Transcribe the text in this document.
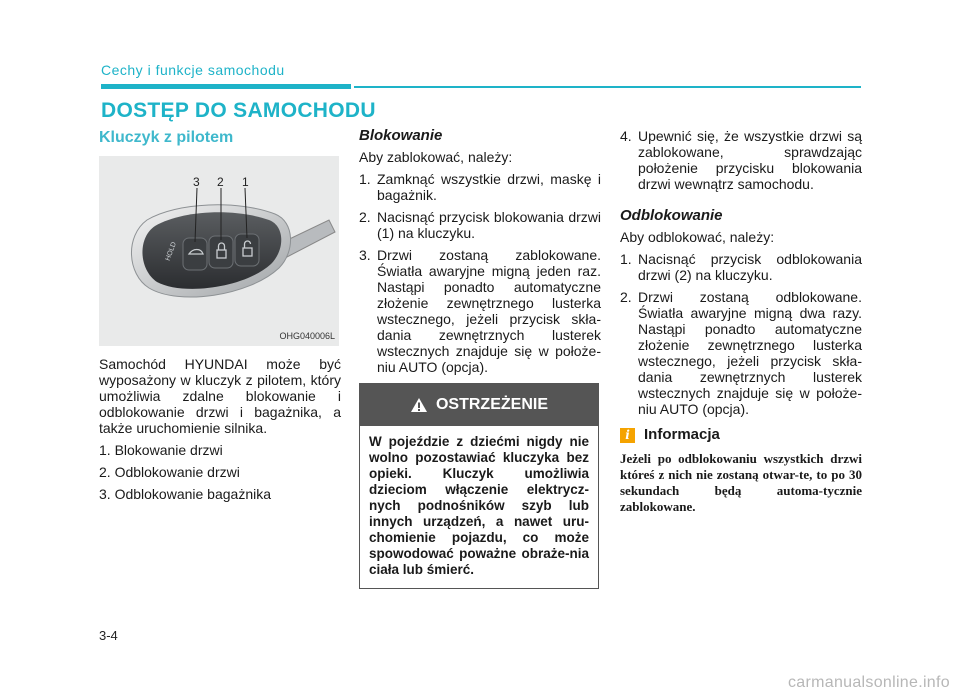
Cechy i funkcje samochodu
DOSTĘP DO SAMOCHODU
Kluczyk z pilotem
HOLD
3 2 1
OHG040006L

Samochód HYUNDAI może być wyposażony w kluczyk z pilotem, który umożliwia zdalne blokowanie i odblokowanie drzwi i bagażnika, a także uruchomienie silnika.

1. Blokowanie drzwi
2. Odblokowanie drzwi
3. Odblokowanie bagażnika
Blokowanie

Aby zablokować, należy:

1. Zamknąć wszystkie drzwi, maskę i bagażnik.
2. Nacisnąć przycisk blokowania drzwi (1) na kluczyku.
3. Drzwi zostaną zablokowane. Światła awaryjne migną jeden raz. Nastąpi ponadto automatyczne złożenie zewnętrznego lusterka wstecznego, jeżeli przycisk skła-dania zewnętrznych lusterek wstecznych znajduje się w położe-niu AUTO (opcja).
OSTRZEŻENIE
W pojeździe z dziećmi nigdy nie wolno pozostawiać kluczyka bez opieki. Kluczyk umożliwia dzieciom włączenie elektrycz-nych podnośników szyb lub innych urządzeń, a nawet uru-chomienie pojazdu, co może spowodować poważne obraże-nia ciała lub śmierć.
4. Upewnić się, że wszystkie drzwi są zablokowane, sprawdzając położenie przycisku blokowania drzwi wewnątrz samochodu.
Odblokowanie

Aby odblokować, należy:

1. Nacisnąć przycisk odblokowania drzwi (2) na kluczyku.
2. Drzwi zostaną odblokowane. Światła awaryjne migną dwa razy. Nastąpi ponadto automatyczne złożenie zewnętrznego lusterka wstecznego, jeżeli przycisk skła-dania zewnętrznych lusterek wstecznych znajduje się w położe-niu AUTO (opcja).
i Informacja
Jeżeli po odblokowaniu wszystkich drzwi któreś z nich nie zostaną otwar-te, to po 30 sekundach będą automa-tycznie zablokowane.
3-4
carmanualsonline.info
